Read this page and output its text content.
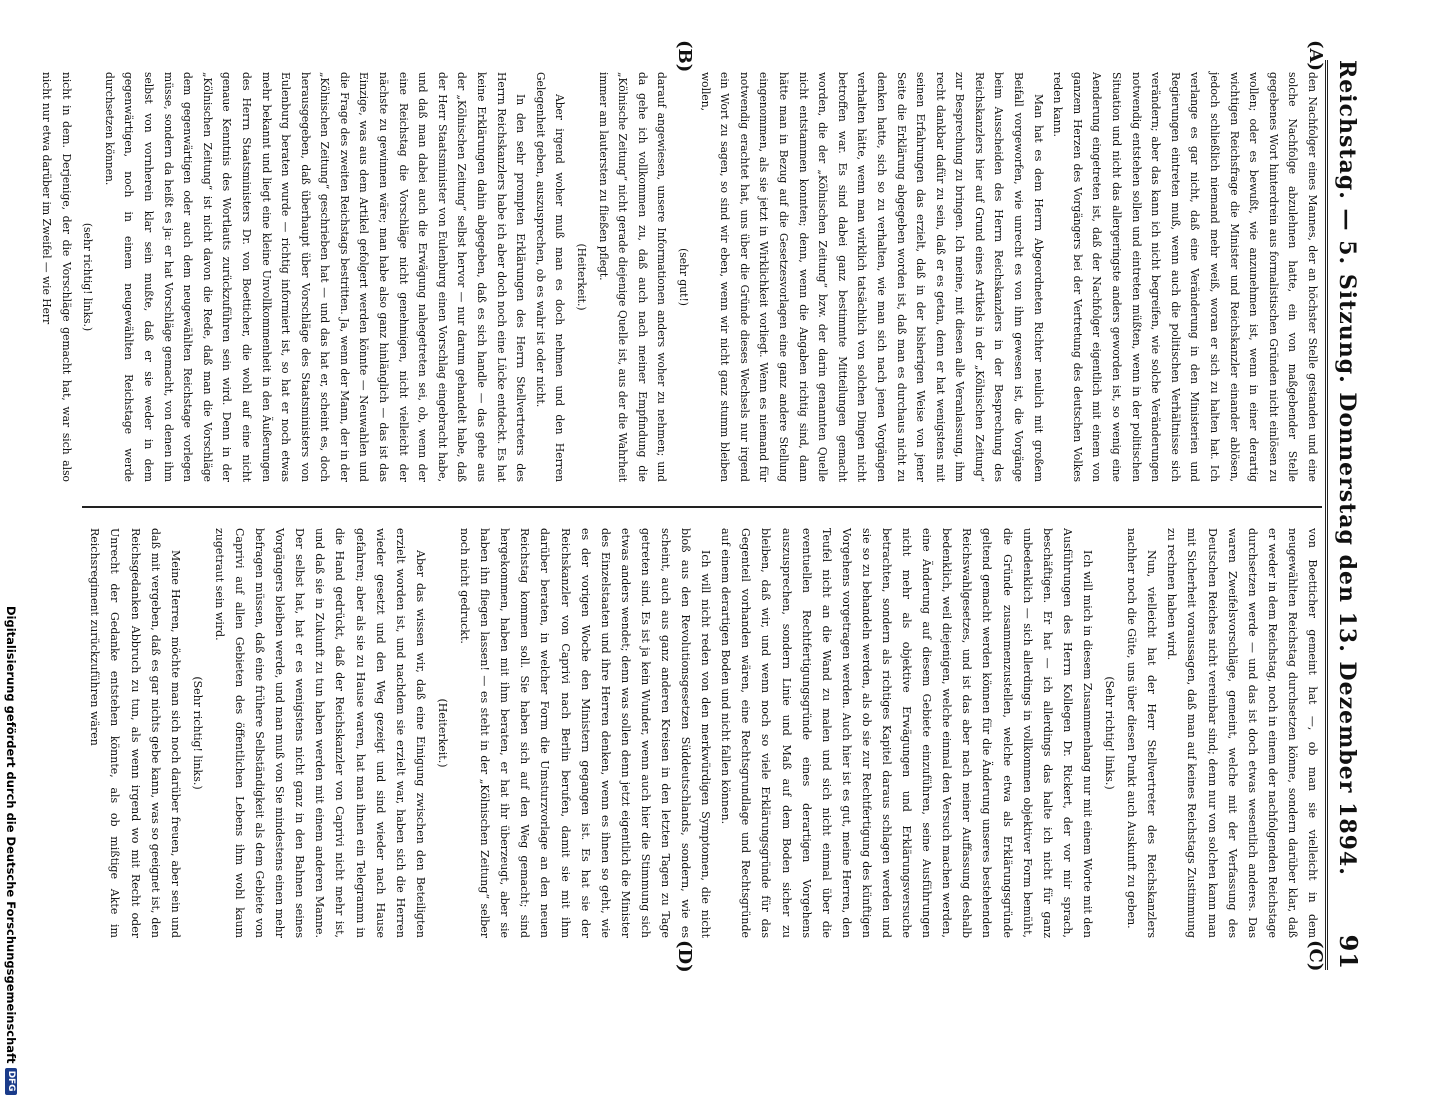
Reichstag. — 5. Sitzung. Donnerstag den 13. Dezember 1894.
91
(A)
(B)
(C)
(D)

den Nachfolger eines Mannes, der an höchster Stelle gestanden und eine solche Nachfolge abzulehnen hatte, ein von maßgebender Stelle gegebenes Wort hinterdrein aus formalistischen Gründen nicht einlösen zu wollen; oder es bewußt, wie anzunehmen ist, wenn in einer derartig wichtigen Reichsfrage die Minister und Reichskanzler einander ablösen, jedoch schließlich niemand mehr weiß, woran er sich zu halten hat. Ich verlange es gar nicht, daß eine Veränderung in den Ministerien und Regierungen eintreten muß, wenn auch die politischen Verhältnisse sich verändern; aber das kann ich nicht begreifen, wie solche Veränderungen notwendig entstehen sollen und eintreten müßten, wenn in der politischen Situation und nicht das allergeringste anders geworden ist, so wenig eine Aenderung eingetreten ist, daß der Nachfolger eigentlich mit einem von ganzem Herzen des Vorgängers bei der Vertretung des deutschen Volkes reden kann.

Man hat es dem Herrn Abgeordneten Richter neulich mit großem Beifall vorgeworfen, wie unrecht es von ihm gewesen ist, die Vorgänge beim Ausscheiden des Herrn Reichskanzlers in der Besprechung des Reichskanzlers hier auf Grund eines Artikels in der „Kölnischen Zeitung“ zur Besprechung zu bringen. Ich meine, mit diesen alle Veranlassung, ihm recht dankbar dafür zu sein, daß er es getan, denn er hat wenigstens mit seinen Erfahrungen das erzielt, daß in der bisherigen Weise von jener Seite die Erklärung abgegeben worden ist, daß man es durchaus nicht zu denken hatte, sich so zu verhalten, wie man sich nach jenen Vorgängen verhalten hätte, wenn man wirklich tatsächlich von solchen Dingen nicht betroffen war. Es sind dabei ganz bestimmte Mitteilungen gemacht worden, die der „Kölnischen Zeitung“ bzw. der darin genannten Quelle nicht entstammen konnten; denn, wenn die Angaben richtig sind, dann hätte man in Bezug auf die Gesetzesvorlagen eine ganz andere Stellung eingenommen, als sie jetzt in Wirklichkeit vorliegt. Wenn es niemand für notwendig erachtet hat, uns über die Gründe dieses Wechsels nur irgend ein Wort zu sagen, so sind wir eben, wenn wir nicht ganz stumm bleiben wollen,

(sehr gut!)

darauf angewiesen, unsere Informationen anders woher zu nehmen; und da gehe ich vollkommen zu, daß auch nach meiner Empfindung die „Kölnische Zeitung“ nicht gerade diejenige Quelle ist, aus der die Wahrheit immer am lautersten zu fließen pflegt.

(Heiterkeit.)

Aber irgend woher muß man es doch nehmen und den Herren Gelegenheit geben, auszusprechen, ob es wahr ist oder nicht.

In den sehr prompten Erklärungen des Herrn Stellvertreters des Herrn Reichskanzlers habe ich aber doch noch eine Lücke entdeckt. Es hat keine Erklärungen dahin abgegeben, daß es sich handle — das gehe aus der „Kölnischen Zeitung“ selbst hervor — nur darum gehandelt habe, daß der Herr Staatsminister von Eulenburg einen Vorschlag eingebracht habe, und daß man dabei auch die Erwägung nahegetreten sei, ob, wenn der eine Reichstag die Vorschläge nicht genehmigen, nicht vielleicht der nächste zu gewinnen wäre; man habe also ganz hinlänglich — das ist das Einzige, was aus dem Artikel gefolgert werden könnte — Neuwahlen und die Frage des zweiten Reichstags bestritten. Ja, wenn der Mann, der in der „Kölnischen Zeitung“ geschrieben hat — und das hat er, scheint es, doch herausgegeben, daß überhaupt über Vorschläge des Staatsministers von Eulenburg beraten wurde — richtig informiert ist, so hat er noch etwas mehr bekannt und liegt eine kleine Unvollkommenheit in den Äußerungen des Herrn Staatsministers Dr. von Boetticher, die wohl auf eine nicht genaue Kenntnis des Wortlauts zurückzuführen sein wird. Denn in der „Kölnischen Zeitung“ ist nicht davon die Rede, daß man die Vorschläge dem gegenwärtigen oder auch dem neugewählten Reichstage vorlegen müsse, sondern da heißt es ja: er hat Vorschläge gemacht, von denen ihm selbst von vornherein klar sein mußte, daß er sie weder in dem gegenwärtigen, noch in einem neugewählten Reichstage werde durchsetzen können.

(sehr richtig! links.)

nicht in dem. Derjenige, der die Vorschläge gemacht hat, war sich also nicht nur etwa darüber im Zweifel — wie Herr

von Boetticher gemeint hat —, ob man sie vielleicht in dem neugewählten Reichstag durchsetzen könne, sondern darüber klar, daß er weder in dem Reichstag, noch in einem der nachfolgenden Reichstage durchsetzen werde — und das ist doch etwas wesentlich anderes. Das waren Zweifelsvorschläge, gemeint, welche mit der Verfassung des Deutschen Reiches nicht vereinbar sind; denn nur von solchen kann man mit Sicherheit voraussagen, daß man auf keines Reichstags Zustimmung zu rechnen haben wird.

Nun, vielleicht hat der Herr Stellvertreter des Reichskanzlers nachher noch die Güte, uns über diesen Punkt auch Auskunft zu geben.

(Sehr richtig! links.)

Ich will mich in diesem Zusammenhang nur mit einem Worte mit den Ausführungen des Herrn Kollegen Dr. Rickert, der vor mir sprach, beschäftigen. Er hat — ich allerdings das halte ich nicht für ganz unbedenklich — sich allerdings in vollkommen objektiver Form bemüht, die Gründe zusammenzustellen, welche etwa als Erklärungsgründe geltend gemacht werden können für die Änderung unseres bestehenden Reichswahlgesetzes, und ist das aber nach meiner Auffassung deshalb bedenklich, weil diejenigen, welche einmal den Versuch machen werden, eine Änderung auf diesem Gebiete einzuführen, seine Ausführungen nicht mehr als objektive Erwägungen und Erklärungsversuche betrachten, sondern als richtiges Kapitel daraus schlagen werden und sie so zu behandeln werden, als ob sie zur Rechtfertigung des künftigen Vorgehens vorgetragen werden. Auch hier ist es gut, meine Herren, den Teufel nicht an die Wand zu malen und sich nicht einmal über die eventuellen Rechtfertigungsgründe eines derartigen Vorgehens auszusprechen, sondern Linie und Maß auf dem Boden sicher zu bleiben, daß wir, und wenn noch so viele Erklärungsgründe für das Gegenteil vorhanden wären, eine Rechtsgrundlage und Rechtsgründe auf einem derartigen Boden und nicht fallen können.

Ich will nicht reden von den merkwürdigen Symptomen, die nicht bloß aus den Revolutionsgesetzen Süddeutschlands, sondern, wie es scheint, auch aus ganz anderen Kreisen in den letzten Tagen zu Tage getreten sind. Es ist ja kein Wunder, wenn auch hier die Stimmung sich etwas anders wendet; denn was sollen denn jetzt eigentlich die Minister des Einzelstaaten und ihre Herren denken, wenn es ihnen so geht, wie es der vorigen Woche den Ministern gegangen ist. Es hat sie der Reichskanzler von Caprivi nach Berlin berufen, damit sie mit ihm darüber beraten, in welcher Form die Umsturzvorlage an den neuen Reichstag kommen soll. Sie haben sich auf den Weg gemacht; sind hergekommen, haben mit ihm beraten, er hat ihr überzeugt, aber sie haben ihn fliegen lassen! — es steht in der „Kölnischen Zeitung“ selber noch nicht gedruckt.

(Heiterkeit.)

Aber das wissen wir, daß eine Einigung zwischen den Beteiligten erzielt worden ist, und nachdem sie erzielt war, haben sich die Herren wieder gesetzt und den Weg gezeigt und sind wieder nach Hause gefahren; aber als sie zu Hause waren, hat man ihnen ein Telegramm in die Hand gedrückt, daß der Reichskanzler von Caprivi nicht mehr ist, und daß sie in Zukunft zu tun haben werden mit einem anderen Manne. Der selbst hat, hat er es wenigstens nicht ganz in den Bahnen seines Vorgängers bleiben werde, und man muß von Sie mindestens einen mehr befragen müssen, daß eine frühere Selbständigkeit als dem Gebiete von Caprivi auf allen Gebieten des öffentlichen Lebens ihm wohl kaum zugetraut sein wird.

(Sehr richtig! links.)

Meine Herren, möchte man sich noch darüber freuen, aber sein und daß mit vergeben, daß es gar nichts gebe kann, was so geeignet ist, den Reichsgedanken Abbruch zu tun, als wenn irgend wo mit Recht oder Unrecht der Gedanke entstehen könnte, als ob mißtige Akte im Reichsregiment zurückzuführen wären

Digitalisierung gefördert durch die Deutsche Forschungsgemeinschaft
DFG
